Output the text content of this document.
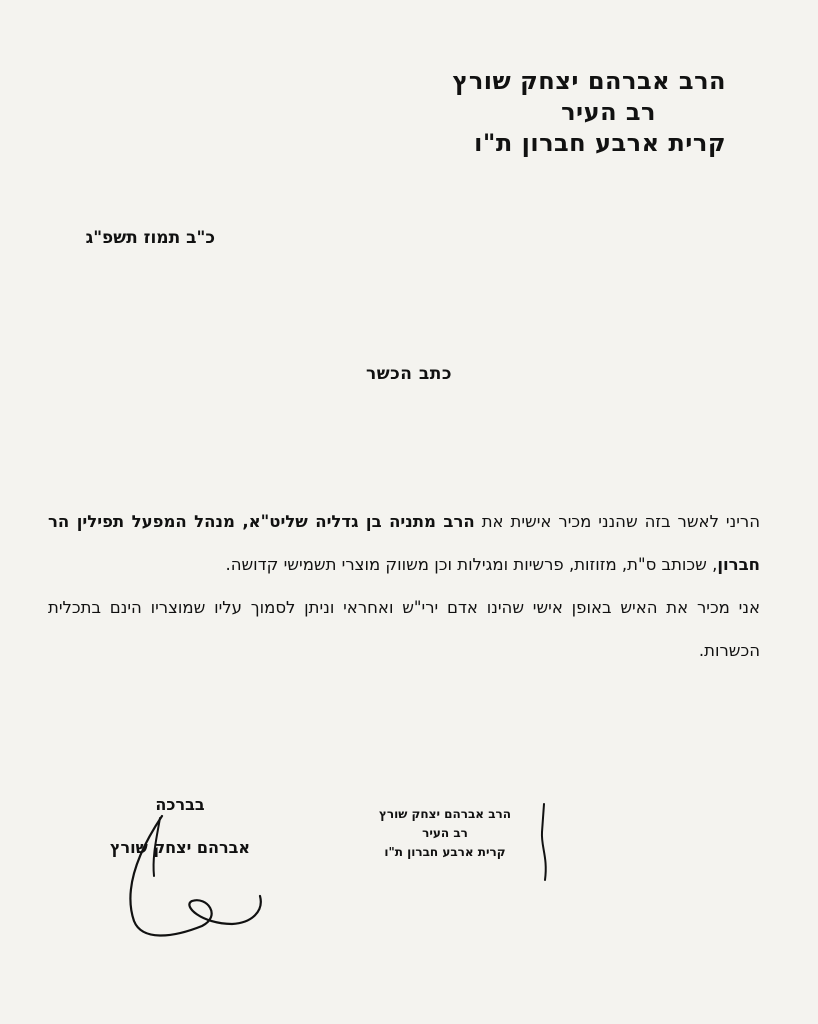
הרב אברהם יצחק שורץ
רב העיר
קרית ארבע חברון ת"ו
כ"ב תמוז תשפ"ג
כתב הכשר

הריני לאשר בזה שהנני מכיר אישית את הרב מתניה בן גדליה שליט"א, מנהל המפעל תפילין הר חברון, שכותב ס"ת, מזוזות, פרשיות ומגילות וכן משווק מוצרי תשמישי קדושה.

אני מכיר את האיש באופן אישי שהינו אדם ירי"ש ואחראי וניתן לסמוך עליו שמוצריו הינם בתכלית הכשרות.

בברכה
אברהם יצחק שורץ
הרב אברהם יצחק שורץ
רב העיר
קרית ארבע חברון ת"ו
